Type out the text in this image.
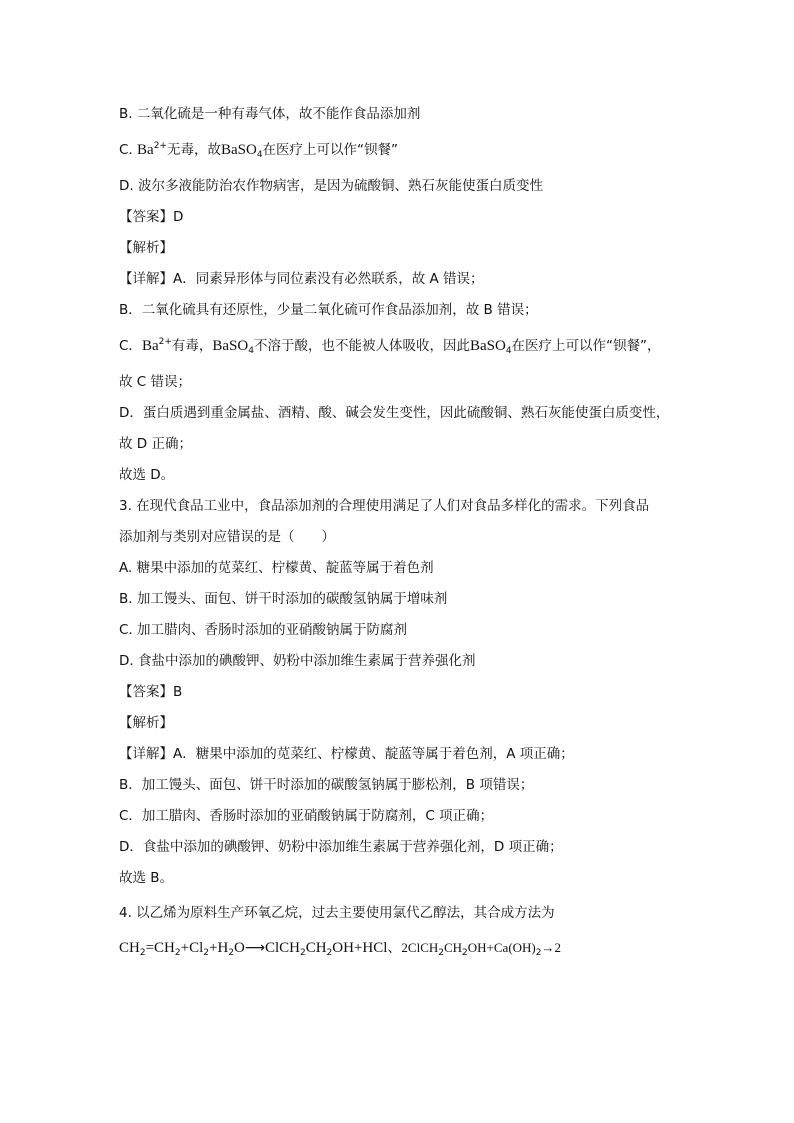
B. 二氧化硫是一种有毒气体，故不能作食品添加剂
C. $Ba^{2+}$无毒，故BaSO$_4$在医疗上可以作“钡餐”
D. 波尔多液能防治农作物病害，是因为硫酸铜、熟石灰能使蛋白质变性
【答案】D
【解析】
【详解】A．同素异形体与同位素没有必然联系，故 A 错误；
B．二氧化硫具有还原性，少量二氧化硫可作食品添加剂，故 B 错误；
C．$Ba^{2+}$有毒，BaSO$_4$不溶于酸，也不能被人体吸收，因此BaSO$_4$在医疗上可以作“钡餐”，
故 C 错误；
D．蛋白质遇到重金属盐、酒精、酸、碱会发生变性，因此硫酸铜、熟石灰能使蛋白质变性，
故 D 正确；
故选 D。
3. 在现代食品工业中，食品添加剂的合理使用满足了人们对食品多样化的需求。下列食品
添加剂与类别对应错误的是（　　）
A. 糖果中添加的苋菜红、柠檬黄、靛蓝等属于着色剂
B. 加工馒头、面包、饼干时添加的碳酸氢钠属于增味剂
C. 加工腊肉、香肠时添加的亚硝酸钠属于防腐剂
D. 食盐中添加的碘酸钾、奶粉中添加维生素属于营养强化剂
【答案】B
【解析】
【详解】A．糖果中添加的苋菜红、柠檬黄、靛蓝等属于着色剂，A 项正确；
B．加工馒头、面包、饼干时添加的碳酸氢钠属于膨松剂，B 项错误；
C．加工腊肉、香肠时添加的亚硝酸钠属于防腐剂，C 项正确；
D．食盐中添加的碘酸钾、奶粉中添加维生素属于营养强化剂，D 项正确；
故选 B。
4. 以乙烯为原料生产环氧乙烷，过去主要使用氯代乙醇法，其合成方法为
$CH_2=CH_2+Cl_2+H_2O⟶ClCH_2CH_2OH+HCl$、$2ClCH_2CH_2OH+Ca(OH)_2\to 2$
